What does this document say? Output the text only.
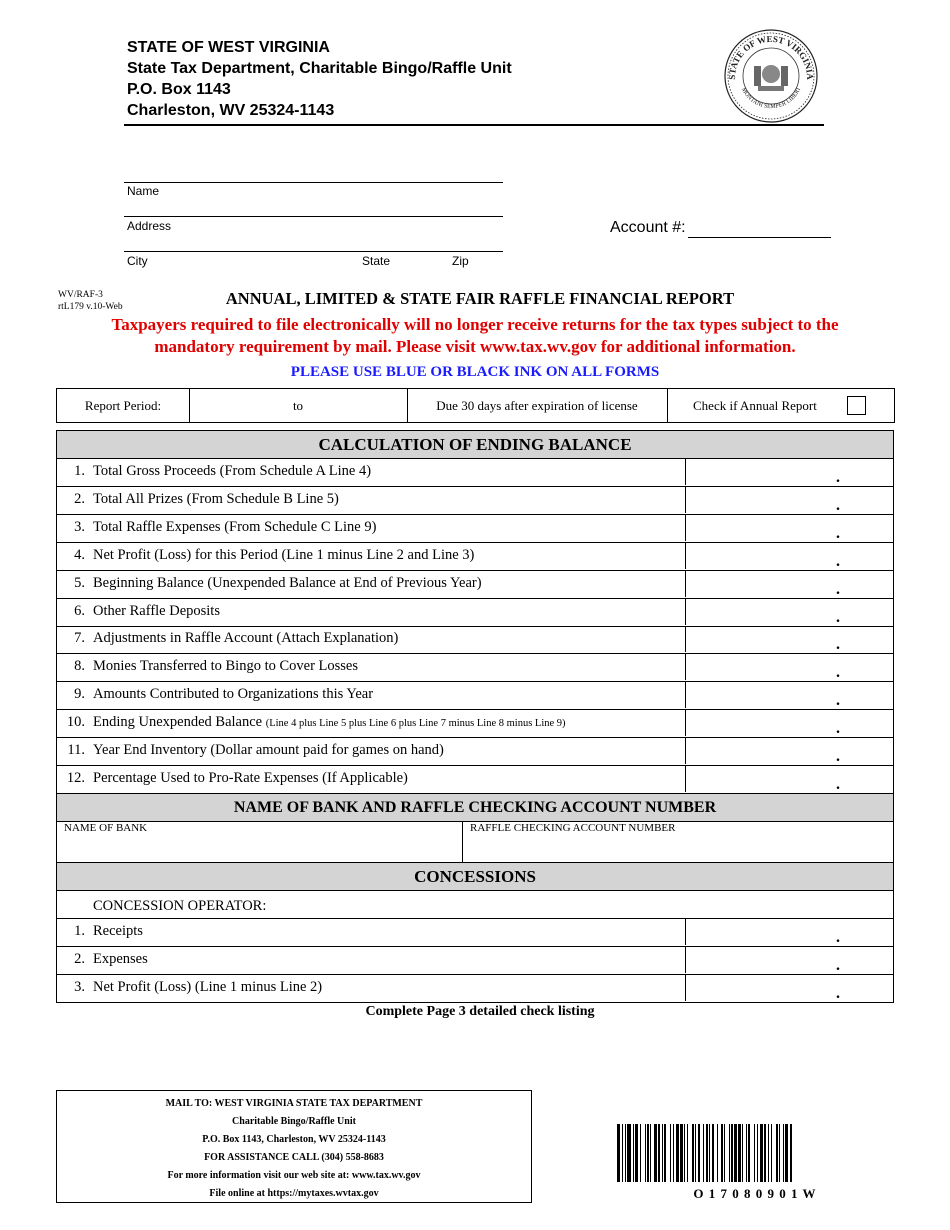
STATE OF WEST VIRGINIA
State Tax Department, Charitable Bingo/Raffle Unit
P.O. Box 1143
Charleston, WV 25324-1143
STATE OF WEST VIRGINIA
MONTANI SEMPER LIBERI
Name
Address
City	State	Zip
Account #:
WV/RAF-3
rtL179 v.10-Web	ANNUAL, LIMITED & STATE FAIR RAFFLE FINANCIAL REPORT
Taxpayers required to file electronically will no longer receive returns for the tax types subject to the
mandatory requirement by mail. Please visit www.tax.wv.gov for additional information.
PLEASE USE BLUE OR BLACK INK ON ALL FORMS
Report Period:	to	Due 30 days after expiration of license	Check if Annual Report
CALCULATION OF ENDING BALANCE
1. Total Gross Proceeds (From Schedule A Line 4)	.
2. Total All Prizes (From Schedule B Line 5)	.
3. Total Raffle Expenses (From Schedule C Line 9)	.
4. Net Profit (Loss) for this Period (Line 1 minus Line 2 and Line 3)	.
5. Beginning Balance (Unexpended Balance at End of Previous Year)	.
6. Other Raffle Deposits	.
7. Adjustments in Raffle Account (Attach Explanation)	.
8. Monies Transferred to Bingo to Cover Losses	.
9. Amounts Contributed to Organizations this Year	.
10. Ending Unexpended Balance (Line 4 plus Line 5 plus Line 6 plus Line 7 minus Line 8 minus Line 9)	.
11. Year End Inventory (Dollar amount paid for games on hand)	.
12. Percentage Used to Pro-Rate Expenses (If Applicable)	.
NAME OF BANK AND RAFFLE CHECKING ACCOUNT NUMBER
NAME OF BANK	RAFFLE CHECKING ACCOUNT NUMBER
CONCESSIONS
CONCESSION OPERATOR:
1. Receipts	.
2. Expenses	.
3. Net Profit (Loss) (Line 1 minus Line 2)	.
Complete Page 3 detailed check listing
MAIL TO: WEST VIRGINIA STATE TAX DEPARTMENT
Charitable Bingo/Raffle Unit
P.O. Box 1143, Charleston, WV 25324-1143
FOR ASSISTANCE CALL (304) 558-8683
For more information visit our web site at: www.tax.wv.gov
File online at https://mytaxes.wvtax.gov	O 1 7 0 8 0 9 0 1 W
